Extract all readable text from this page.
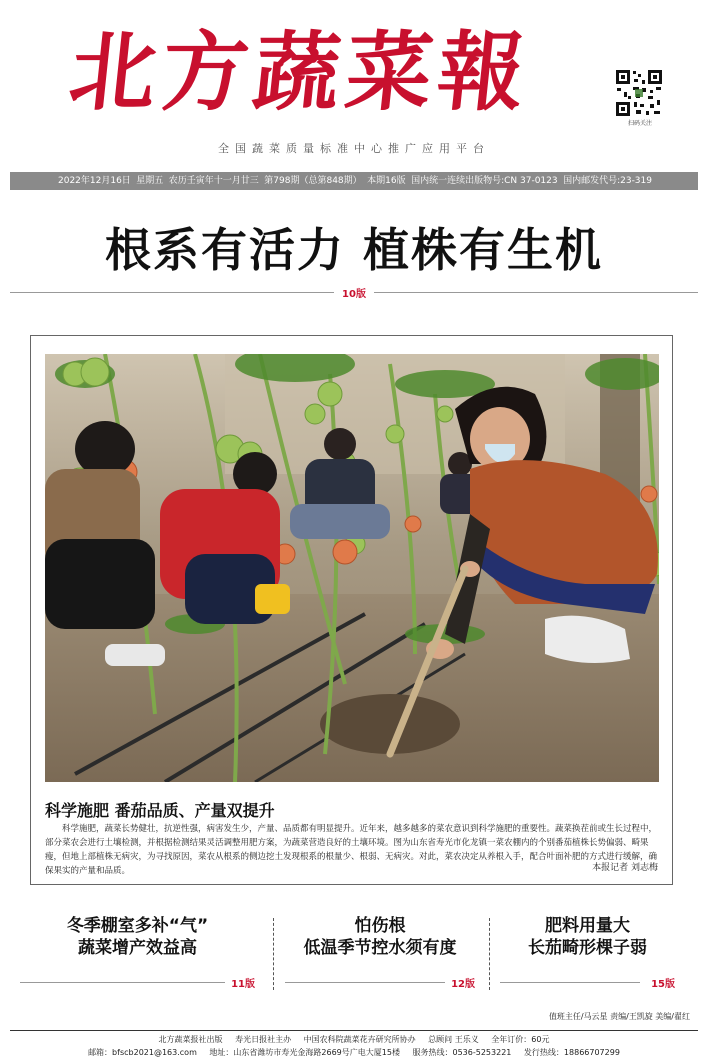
北方蔬菜報
扫码关注
全国蔬菜质量标准中心推广应用平台
2022年12月16日 星期五 农历壬寅年十一月廿三 第798期（总第848期） 本期16版 国内统一连续出版物号:CN 37-0123 国内邮发代号:23-319
根系有活力 植株有生机
10版
科学施肥 番茄品质、产量双提升
科学施肥，蔬菜长势健壮，抗逆性强，病害发生少，产量、品质都有明显提升。近年来，越多越多的菜农意识到科学施肥的重要性。蔬菜换茬前或生长过程中，部分菜农会进行土壤检测，并根据检测结果灵活调整用肥方案，为蔬菜营造良好的土壤环境。图为山东省寿光市化龙镇一菜农棚内的个别番茄植株长势偏弱、畸果瘦，但地上部植株无病灾，为寻找原因，菜农从根系的侧边挖土发现根系的根量少、根弱、无病灾。对此，菜农决定从养根入手，配合叶面补肥的方式进行缓解，确保果实的产量和品质。	本报记者 刘志梅
冬季棚室多补“气”
蔬菜增产效益高
11版
怕伤根
低温季节控水须有度
12版
肥料用量大
长茄畸形棵子弱
15版
值班主任/马云星 责编/王凯旋 美编/翟红
北方蔬菜报社出版 寿光日报社主办 中国农科院蔬菜花卉研究所协办 总顾问 王乐义 全年订价：60元
邮箱：bfscb2021@163.com 地址：山东省潍坊市寿光金海路2669号广电大厦15楼 服务热线：0536-5253221 发行热线：18866707299
